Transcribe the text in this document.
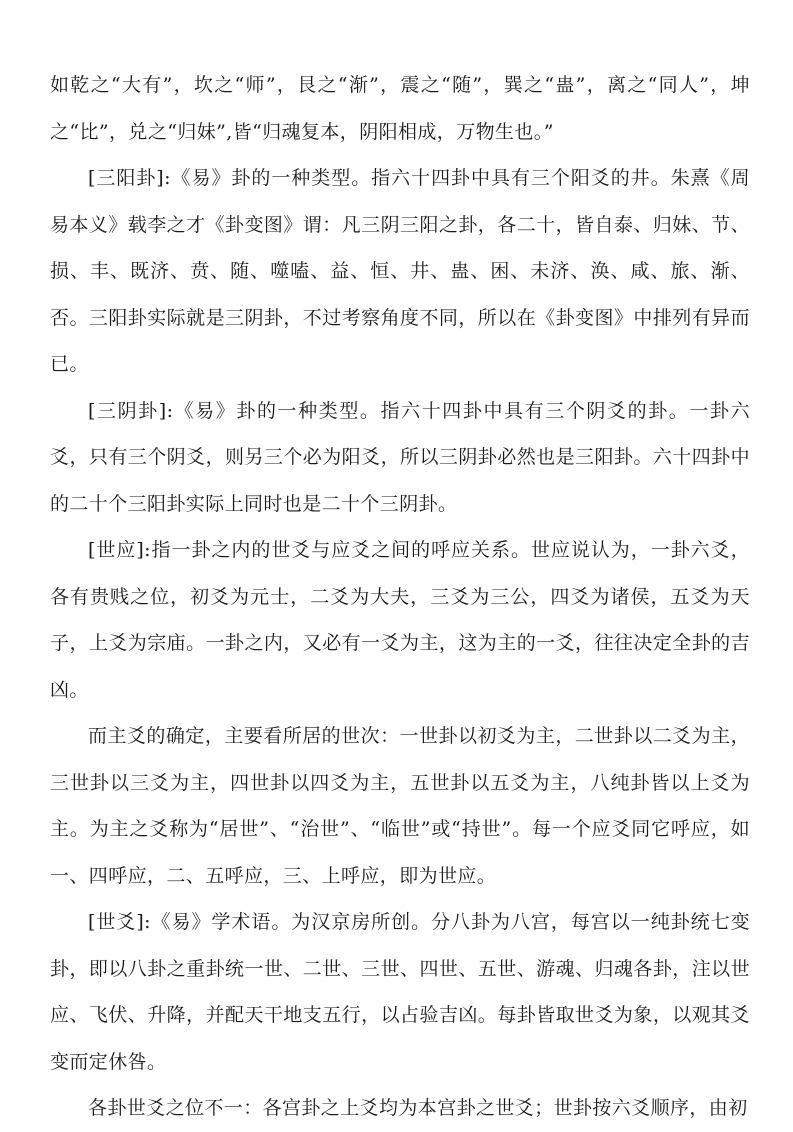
如乾之“大有”，坎之“师”，艮之“渐”，震之“随”，巽之“蛊”，离之“同人”，坤之“比”，兑之“归妹”,皆“归魂复本，阴阳相成，万物生也。”

[三阳卦]:《易》卦的一种类型。指六十四卦中具有三个阳爻的井。朱熹《周易本义》载李之才《卦变图》谓：凡三阴三阳之卦，各二十，皆自泰、归妹、节、损、丰、既济、贲、随、噬嗑、益、恒、井、蛊、困、未济、涣、咸、旅、渐、否。三阳卦实际就是三阴卦，不过考察角度不同，所以在《卦变图》中排列有异而已。

[三阴卦]:《易》卦的一种类型。指六十四卦中具有三个阴爻的卦。一卦六爻，只有三个阴爻，则另三个必为阳爻，所以三阴卦必然也是三阳卦。六十四卦中的二十个三阳卦实际上同时也是二十个三阴卦。

[世应]:指一卦之内的世爻与应爻之间的呼应关系。世应说认为，一卦六爻，各有贵贱之位，初爻为元士，二爻为大夫，三爻为三公，四爻为诸侯，五爻为天子，上爻为宗庙。一卦之内，又必有一爻为主，这为主的一爻，往往决定全卦的吉凶。

而主爻的确定，主要看所居的世次：一世卦以初爻为主，二世卦以二爻为主，三世卦以三爻为主，四世卦以四爻为主，五世卦以五爻为主，八纯卦皆以上爻为主。为主之爻称为“居世”、“治世”、“临世”或“持世”。每一个应爻同它呼应，如一、四呼应，二、五呼应，三、上呼应，即为世应。

[世爻]:《易》学术语。为汉京房所创。分八卦为八宫，每宫以一纯卦统七变卦，即以八卦之重卦统一世、二世、三世、四世、五世、游魂、归魂各卦，注以世应、飞伏、升降，并配天干地支五行，以占验吉凶。每卦皆取世爻为象，以观其爻变而定休咎。

各卦世爻之位不一：各宫卦之上爻均为本宫卦之世爻；世卦按六爻顺序，由初
